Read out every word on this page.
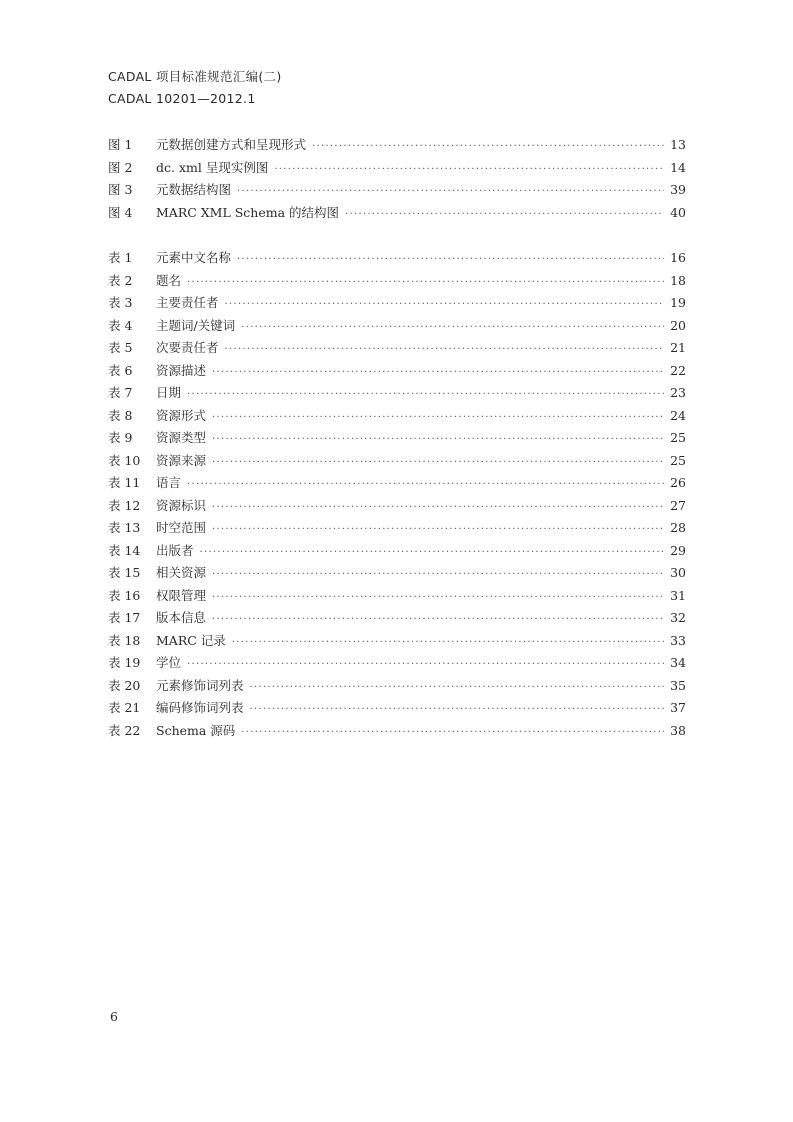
CADAL 项目标准规范汇编(二)
CADAL 10201—2012.1
图 1	元数据创建方式和呈现形式 ·····	13
图 2	dc. xml 呈现实例图 ·····	14
图 3	元数据结构图 ·····	39
图 4	MARC XML Schema 的结构图 ·····	40
表 1	元素中文名称 ·····	16
表 2	题名 ·····	18
表 3	主要责任者 ·····	19
表 4	主题词/关键词 ·····	20
表 5	次要责任者 ·····	21
表 6	资源描述 ·····	22
表 7	日期 ·····	23
表 8	资源形式 ·····	24
表 9	资源类型 ·····	25
表 10	资源来源 ·····	25
表 11	语言 ·····	26
表 12	资源标识 ·····	27
表 13	时空范围 ·····	28
表 14	出版者 ·····	29
表 15	相关资源 ·····	30
表 16	权限管理 ·····	31
表 17	版本信息 ·····	32
表 18	MARC 记录 ·····	33
表 19	学位 ·····	34
表 20	元素修饰词列表 ·····	35
表 21	编码修饰词列表 ·····	37
表 22	Schema 源码 ·····	38
6
